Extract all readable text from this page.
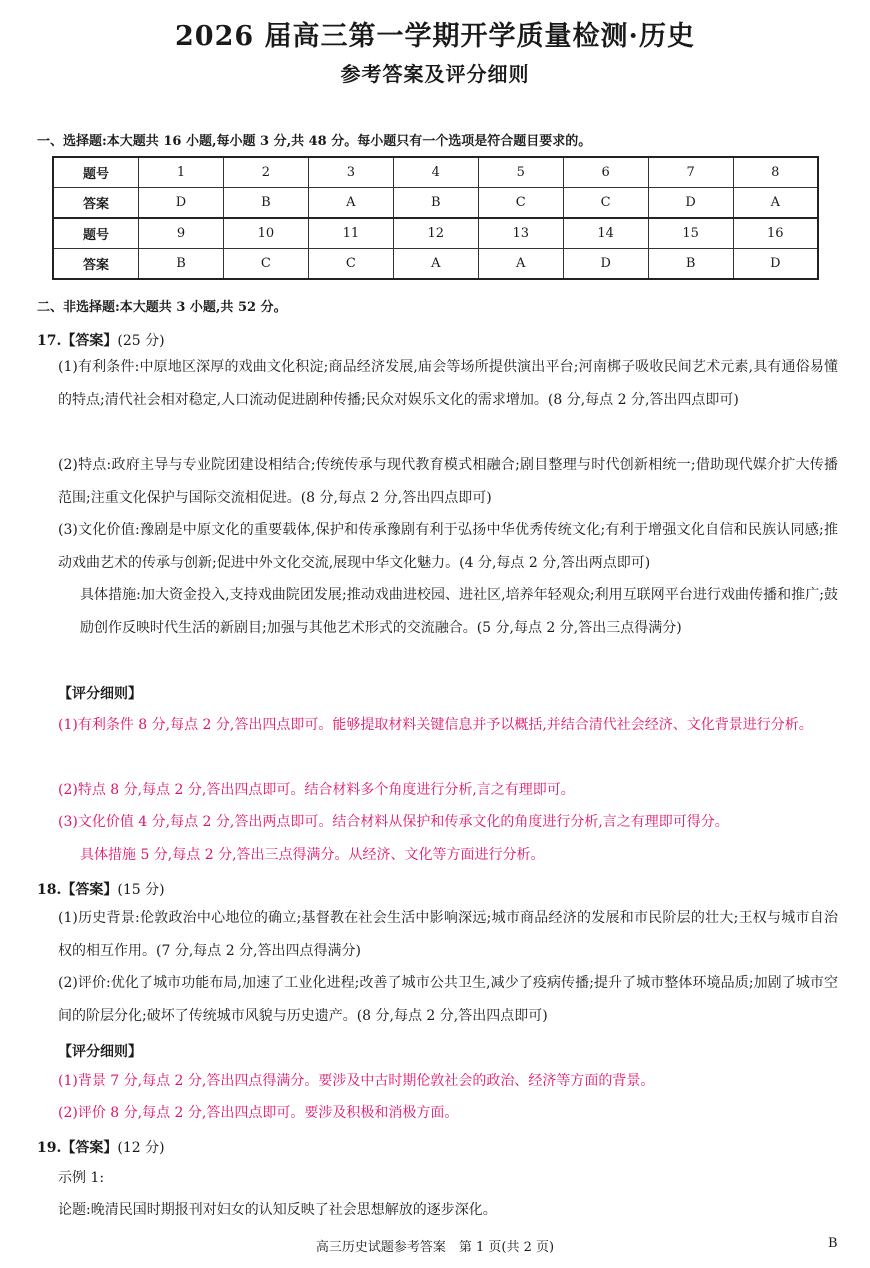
2026 届高三第一学期开学质量检测·历史
参考答案及评分细则
一、选择题:本大题共 16 小题,每小题 3 分,共 48 分。每小题只有一个选项是符合题目要求的。
题号	1	2	3	4	5	6	7	8
答案	D	B	A	B	C	C	D	A
题号	9	10	11	12	13	14	15	16
答案	B	C	C	A	A	D	B	D
二、非选择题:本大题共 3 小题,共 52 分。
17.【答案】(25 分)
(1)有利条件:中原地区深厚的戏曲文化积淀;商品经济发展,庙会等场所提供演出平台;河南梆子吸收民间艺术元素,具有通俗易懂的特点;清代社会相对稳定,人口流动促进剧种传播;民众对娱乐文化的需求增加。(8 分,每点 2 分,答出四点即可)
(2)特点:政府主导与专业院团建设相结合;传统传承与现代教育模式相融合;剧目整理与时代创新相统一;借助现代媒介扩大传播范围;注重文化保护与国际交流相促进。(8 分,每点 2 分,答出四点即可)
(3)文化价值:豫剧是中原文化的重要载体,保护和传承豫剧有利于弘扬中华优秀传统文化;有利于增强文化自信和民族认同感;推动戏曲艺术的传承与创新;促进中外文化交流,展现中华文化魅力。(4 分,每点 2 分,答出两点即可)
具体措施:加大资金投入,支持戏曲院团发展;推动戏曲进校园、进社区,培养年轻观众;利用互联网平台进行戏曲传播和推广;鼓励创作反映时代生活的新剧目;加强与其他艺术形式的交流融合。(5 分,每点 2 分,答出三点得满分)
【评分细则】
(1)有利条件 8 分,每点 2 分,答出四点即可。能够提取材料关键信息并予以概括,并结合清代社会经济、文化背景进行分析。
(2)特点 8 分,每点 2 分,答出四点即可。结合材料多个角度进行分析,言之有理即可。
(3)文化价值 4 分,每点 2 分,答出两点即可。结合材料从保护和传承文化的角度进行分析,言之有理即可得分。
具体措施 5 分,每点 2 分,答出三点得满分。从经济、文化等方面进行分析。
18.【答案】(15 分)
(1)历史背景:伦敦政治中心地位的确立;基督教在社会生活中影响深远;城市商品经济的发展和市民阶层的壮大;王权与城市自治权的相互作用。(7 分,每点 2 分,答出四点得满分)
(2)评价:优化了城市功能布局,加速了工业化进程;改善了城市公共卫生,减少了疫病传播;提升了城市整体环境品质;加剧了城市空间的阶层分化;破坏了传统城市风貌与历史遗产。(8 分,每点 2 分,答出四点即可)
【评分细则】
(1)背景 7 分,每点 2 分,答出四点得满分。要涉及中古时期伦敦社会的政治、经济等方面的背景。
(2)评价 8 分,每点 2 分,答出四点即可。要涉及积极和消极方面。
19.【答案】(12 分)
示例 1:
论题:晚清民国时期报刊对妇女的认知反映了社会思想解放的逐步深化。
高三历史试题参考答案　第 1 页(共 2 页)	B
